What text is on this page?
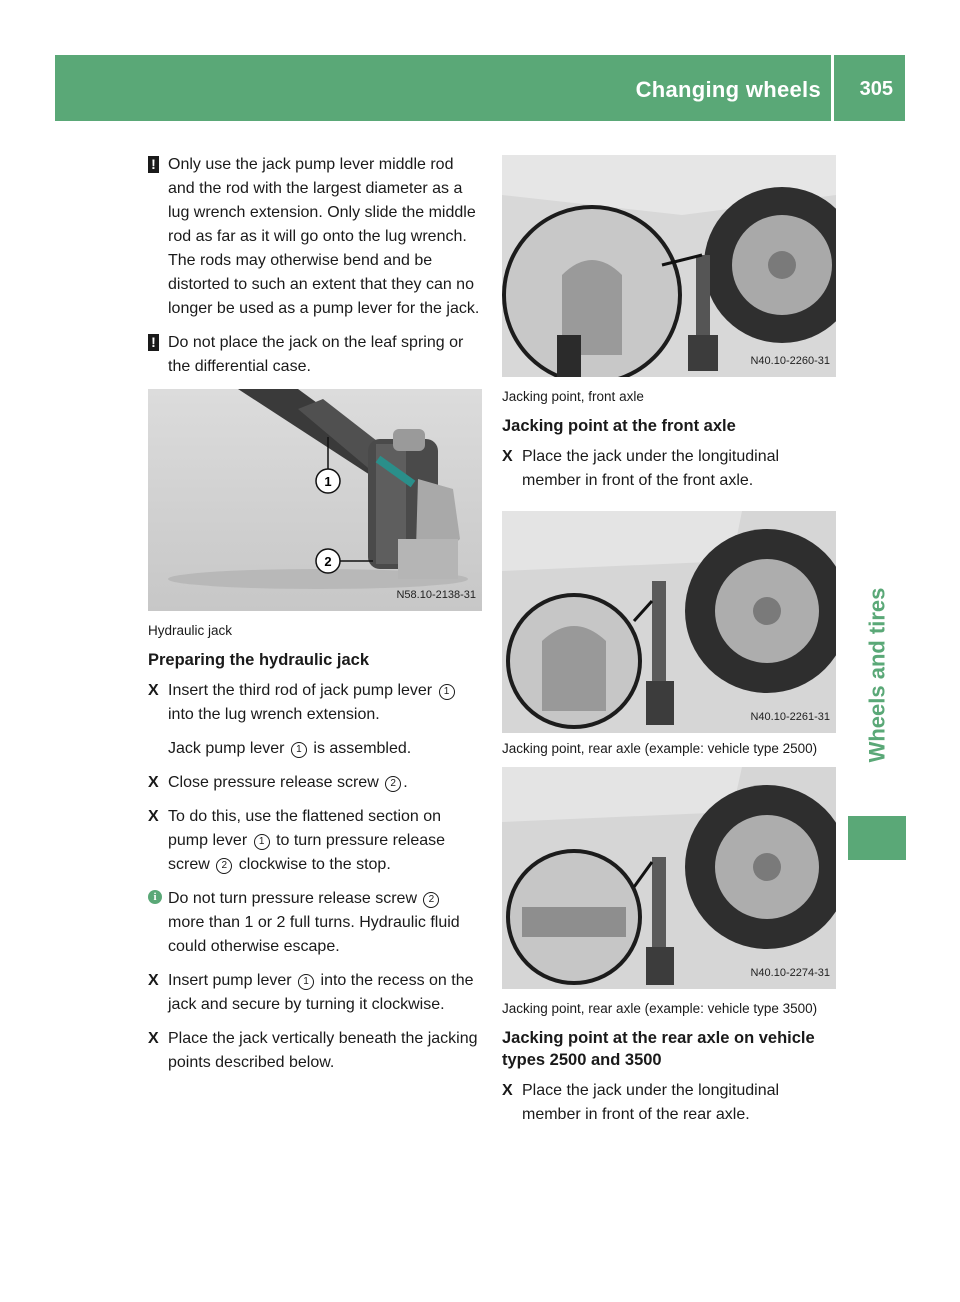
Changing wheels 305
Wheels and tires

! Only use the jack pump lever middle rod and the rod with the largest diameter as a lug wrench extension. Only slide the middle rod as far as it will go onto the lug wrench. The rods may otherwise bend and be distorted to such an extent that they can no longer be used as a pump lever for the jack.

! Do not place the jack on the leaf spring or the differential case.

1
2
N58.10-2138-31
Hydraulic jack
Preparing the hydraulic jack

X Insert the third rod of jack pump lever 1 into the lug wrench extension.

Jack pump lever 1 is assembled.

X Close pressure release screw 2 .

X To do this, use the flattened section on pump lever 1 to turn pressure release screw 2 clockwise to the stop.

i Do not turn pressure release screw 2 more than 1 or 2 full turns. Hydraulic fluid could otherwise escape.

X Insert pump lever 1 into the recess on the jack and secure by turning it clockwise.

X Place the jack vertically beneath the jacking points described below.

N40.10-2260-31
Jacking point, front axle
Jacking point at the front axle

X Place the jack under the longitudinal member in front of the front axle.

N40.10-2261-31
Jacking point, rear axle (example: vehicle type 2500)
N40.10-2274-31
Jacking point, rear axle (example: vehicle type 3500)
Jacking point at the rear axle on vehicle types 2500 and 3500

X Place the jack under the longitudinal member in front of the rear axle.
